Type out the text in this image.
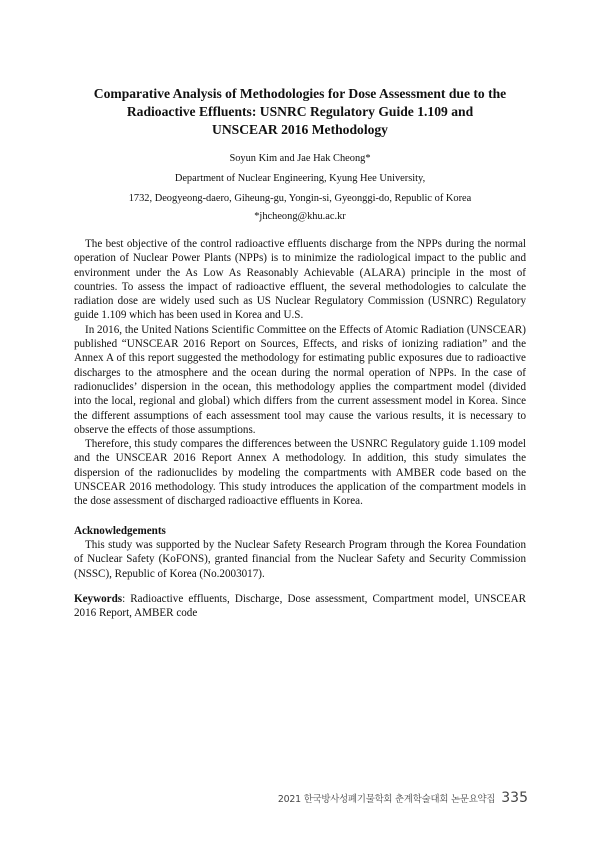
Comparative Analysis of Methodologies for Dose Assessment due to the
Radioactive Effluents: USNRC Regulatory Guide 1.109 and
UNSCEAR 2016 Methodology

Soyun Kim and Jae Hak Cheong*

Department of Nuclear Engineering, Kyung Hee University,

1732, Deogyeong-daero, Giheung-gu, Yongin-si, Gyeonggi-do, Republic of Korea

*jhcheong@khu.ac.kr

The best objective of the control radioactive effluents discharge from the NPPs during the normal operation of Nuclear Power Plants (NPPs) is to minimize the radiological impact to the public and environment under the As Low As Reasonably Achievable (ALARA) principle in the most of countries. To assess the impact of radioactive effluent, the several methodologies to calculate the radiation dose are widely used such as US Nuclear Regulatory Commission (USNRC) Regulatory guide 1.109 which has been used in Korea and U.S.

In 2016, the United Nations Scientific Committee on the Effects of Atomic Radiation (UNSCEAR) published “UNSCEAR 2016 Report on Sources, Effects, and risks of ionizing radiation” and the Annex A of this report suggested the methodology for estimating public exposures due to radioactive discharges to the atmosphere and the ocean during the normal operation of NPPs. In the case of radionuclides’ dispersion in the ocean, this methodology applies the compartment model (divided into the local, regional and global) which differs from the current assessment model in Korea. Since the different assumptions of each assessment tool may cause the various results, it is necessary to observe the effects of those assumptions.

Therefore, this study compares the differences between the USNRC Regulatory guide 1.109 model and the UNSCEAR 2016 Report Annex A methodology. In addition, this study simulates the dispersion of the radionuclides by modeling the compartments with AMBER code based on the UNSCEAR 2016 methodology. This study introduces the application of the compartment models in the dose assessment of discharged radioactive effluents in Korea.

Acknowledgements

This study was supported by the Nuclear Safety Research Program through the Korea Foundation of Nuclear Safety (KoFONS), granted financial from the Nuclear Safety and Security Commission (NSSC), Republic of Korea (No.2003017).

Keywords: Radioactive effluents, Discharge, Dose assessment, Compartment model, UNSCEAR 2016 Report, AMBER code

2021 한국방사성폐기물학회 춘계학술대회 논문요약집 335
